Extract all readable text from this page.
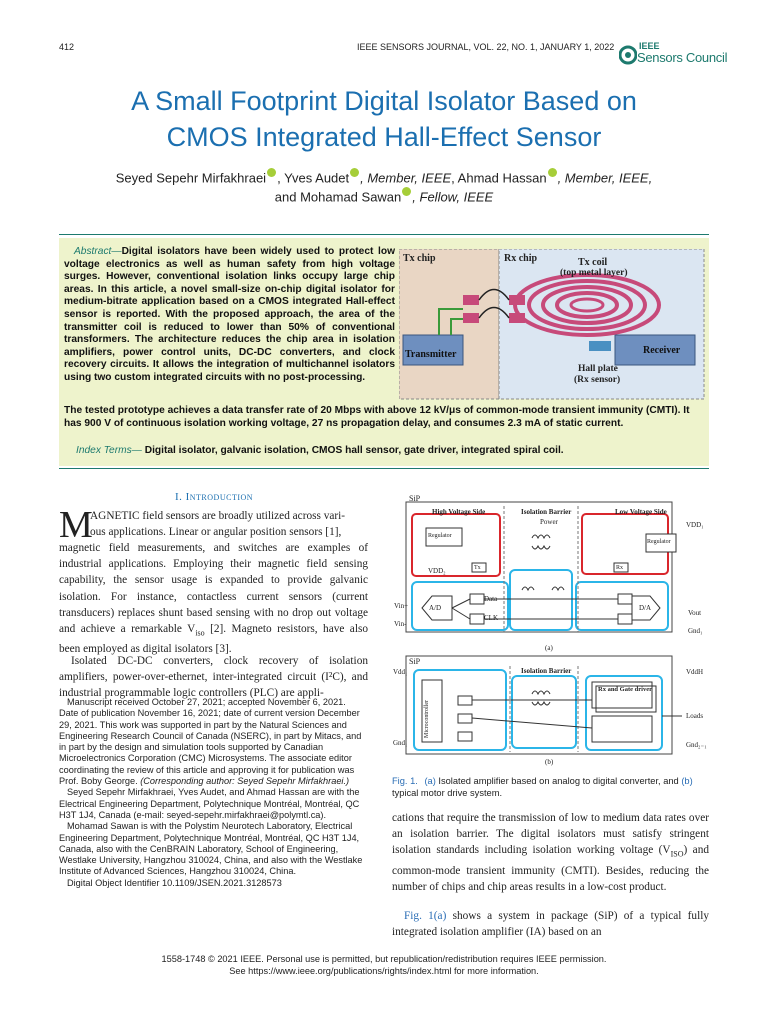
412	IEEE SENSORS JOURNAL, VOL. 22, NO. 1, JANUARY 1, 2022	IEEE
Sensors Council
A Small Footprint Digital Isolator Based on
CMOS Integrated Hall-Effect Sensor
Seyed Sepehr Mirfakhraei , Yves Audet , Member, IEEE, Ahmad Hassan , Member, IEEE,
and Mohamad Sawan , Fellow, IEEE
Abstract—Digital isolators have been widely used to protect low voltage electronics as well as human safety from high voltage surges. However, conventional isolation links occupy large chip areas. In this article, a novel small-size on-chip digital isolator for medium-bitrate application based on a CMOS integrated Hall-effect sensor is reported. With the proposed approach, the area of the transmitter coil is reduced to lower than 50% of conventional transformers. The architecture reduces the chip area in isolation amplifiers, power control units, DC-DC converters, and clock recovery circuits. It allows the integration of multichannel isolators using two custom integrated circuits with no post-processing.
The tested prototype achieves a data transfer rate of 20 Mbps with above 12 kV/μs of common-mode transient immunity (CMTI). It has 900 V of continuous isolation working voltage, 27 ns propagation delay, and consumes 2.3 mA of static current.
Index Terms— Digital isolator, galvanic isolation, CMOS hall sensor, gate driver, integrated spiral coil.
Tx chip	Rx chip	Tx coil
(top metal layer)
Transmitter	Receiver
Hall plate
(Rx sensor)
I. Introduction
M
AGNETIC field sensors are broadly utilized across vari-
ous applications. Linear or angular position sensors [1],
magnetic field measurements, and switches are examples of industrial applications. Employing their magnetic field sensing capability, the sensor usage is expanded to provide galvanic isolation. For instance, contactless current sensors (current transducers) replaces shunt based sensing with no drop out voltage and achieve a remarkable $V_{iso}$ [2]. Magneto resistors, have also been employed as digital isolators [3].
Isolated DC-DC converters, clock recovery of isolation amplifiers, power-over-ethernet, inter-integrated circuit (I²C), and industrial programmable logic controllers (PLC) are appli-

Manuscript received October 27, 2021; accepted November 6, 2021. Date of publication November 16, 2021; date of current version December 29, 2021. This work was supported in part by the Natural Sciences and Engineering Research Council of Canada (NSERC), in part by Mitacs, and in part by the design and simulation tools supported by Canadian Microelectronics Corporation (CMC) Microsystems. The associate editor coordinating the review of this article and approving it for publication was Prof. Boby George. (Corresponding author: Seyed Sepehr Mirfakhraei.)

Seyed Sepehr Mirfakhraei, Yves Audet, and Ahmad Hassan are with the Electrical Engineering Department, Polytechnique Montréal, Montréal, QC H3T 1J4, Canada (e-mail: seyed-sepehr.mirfakhraei@polymtl.ca).

Mohamad Sawan is with the Polystim Neurotech Laboratory, Electrical Engineering Department, Polytechnique Montréal, Montréal, QC H3T 1J4, Canada, also with the CenBRAIN Laboratory, School of Engineering, Westlake University, Hangzhou 310024, China, and also with the Westlake Institute of Advanced Sciences, Hangzhou 310024, China.

Digital Object Identifier 10.1109/JSEN.2021.3128573

SiP
High Voltage Side	Isolation Barrier	Low Voltage Side
Power
Regulator
Regulator
VDD₁
VDD₂	Tx	Rx
A/D	D/A
Data
CLK
Vin+
Vin-
Vout
Gnd₁
(a)
SiP
Isolation Barrier
Rx and Gate driver
Vdd₁
Gnd₁
VddH
Loads
Gnd₂₋₁
Microcontroller
(b)
Fig. 1. (a) Isolated amplifier based on analog to digital converter, and (b) typical motor drive system.
cations that require the transmission of low to medium data rates over an isolation barrier. The digital isolators must satisfy stringent isolation standards including isolation working voltage $(V_{ISO})$ and common-mode transient immunity (CMTI). Besides, reducing the number of chips and chip areas results in a low-cost product.
Fig. 1(a) shows a system in package (SiP) of a typical fully integrated isolation amplifier (IA) based on an
1558-1748 © 2021 IEEE. Personal use is permitted, but republication/redistribution requires IEEE permission.
See https://www.ieee.org/publications/rights/index.html for more information.
